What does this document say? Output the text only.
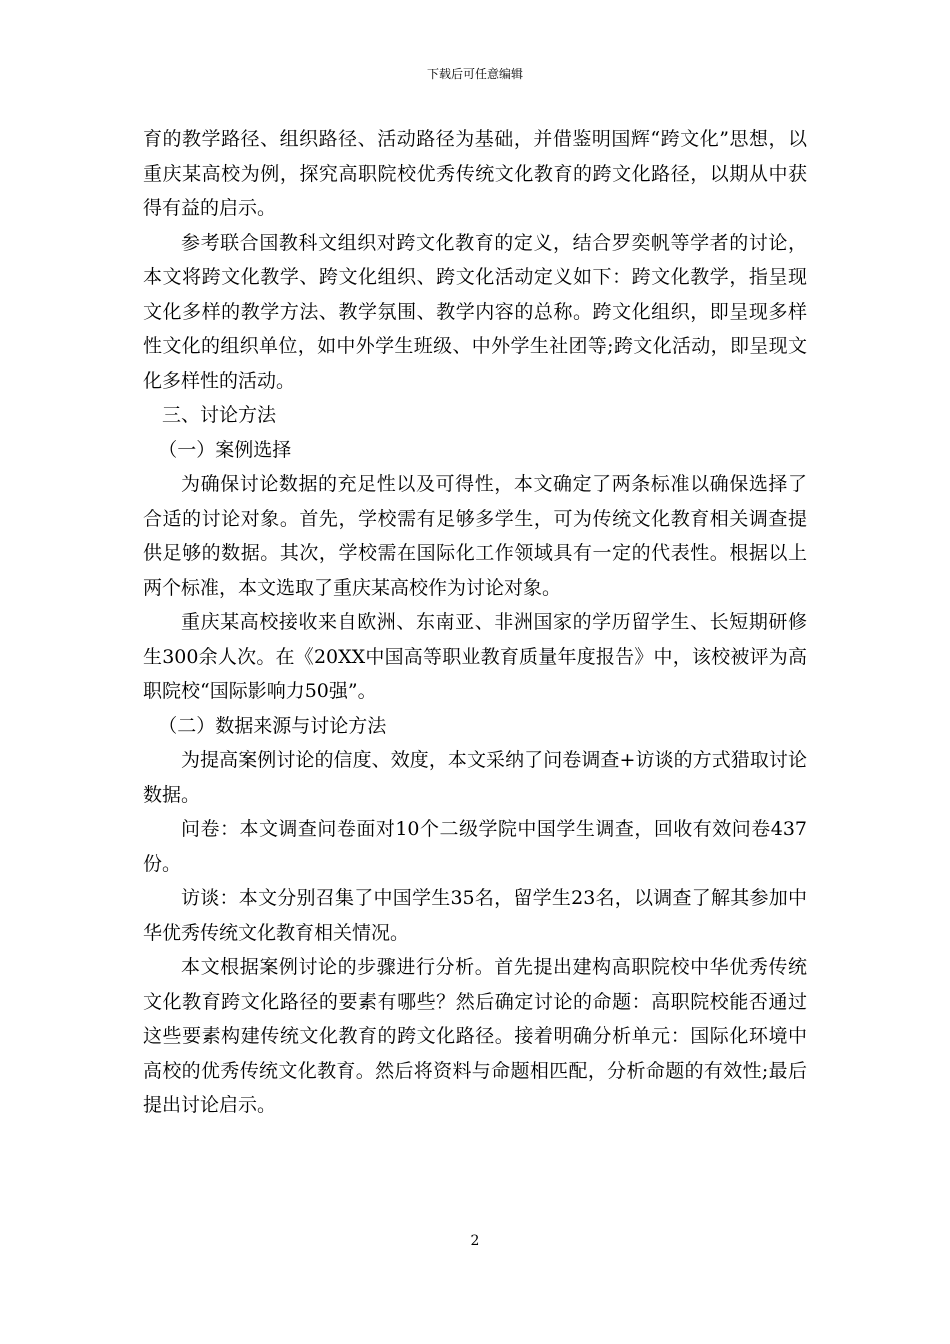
下载后可任意编辑

育的教学路径、组织路径、活动路径为基础，并借鉴明国辉“跨文化”思想，以重庆某高校为例，探究高职院校优秀传统文化教育的跨文化路径，以期从中获得有益的启示。

参考联合国教科文组织对跨文化教育的定义，结合罗奕帆等学者的讨论，本文将跨文化教学、跨文化组织、跨文化活动定义如下：跨文化教学，指呈现文化多样的教学方法、教学氛围、教学内容的总称。跨文化组织，即呈现多样性文化的组织单位，如中外学生班级、中外学生社团等;跨文化活动，即呈现文化多样性的活动。

三、讨论方法

（一）案例选择

为确保讨论数据的充足性以及可得性，本文确定了两条标准以确保选择了合适的讨论对象。首先，学校需有足够多学生，可为传统文化教育相关调查提供足够的数据。其次，学校需在国际化工作领域具有一定的代表性。根据以上两个标准，本文选取了重庆某高校作为讨论对象。

重庆某高校接收来自欧洲、东南亚、非洲国家的学历留学生、长短期研修生300余人次。在《20XX中国高等职业教育质量年度报告》中，该校被评为高职院校“国际影响力50强”。

（二）数据来源与讨论方法

为提高案例讨论的信度、效度，本文采纳了问卷调查+访谈的方式猎取讨论数据。

问卷：本文调查问卷面对10个二级学院中国学生调查，回收有效问卷437份。

访谈：本文分别召集了中国学生35名，留学生23名，以调查了解其参加中华优秀传统文化教育相关情况。

本文根据案例讨论的步骤进行分析。首先提出建构高职院校中华优秀传统文化教育跨文化路径的要素有哪些？然后确定讨论的命题：高职院校能否通过这些要素构建传统文化教育的跨文化路径。接着明确分析单元：国际化环境中高校的优秀传统文化教育。然后将资料与命题相匹配，分析命题的有效性;最后提出讨论启示。

2
